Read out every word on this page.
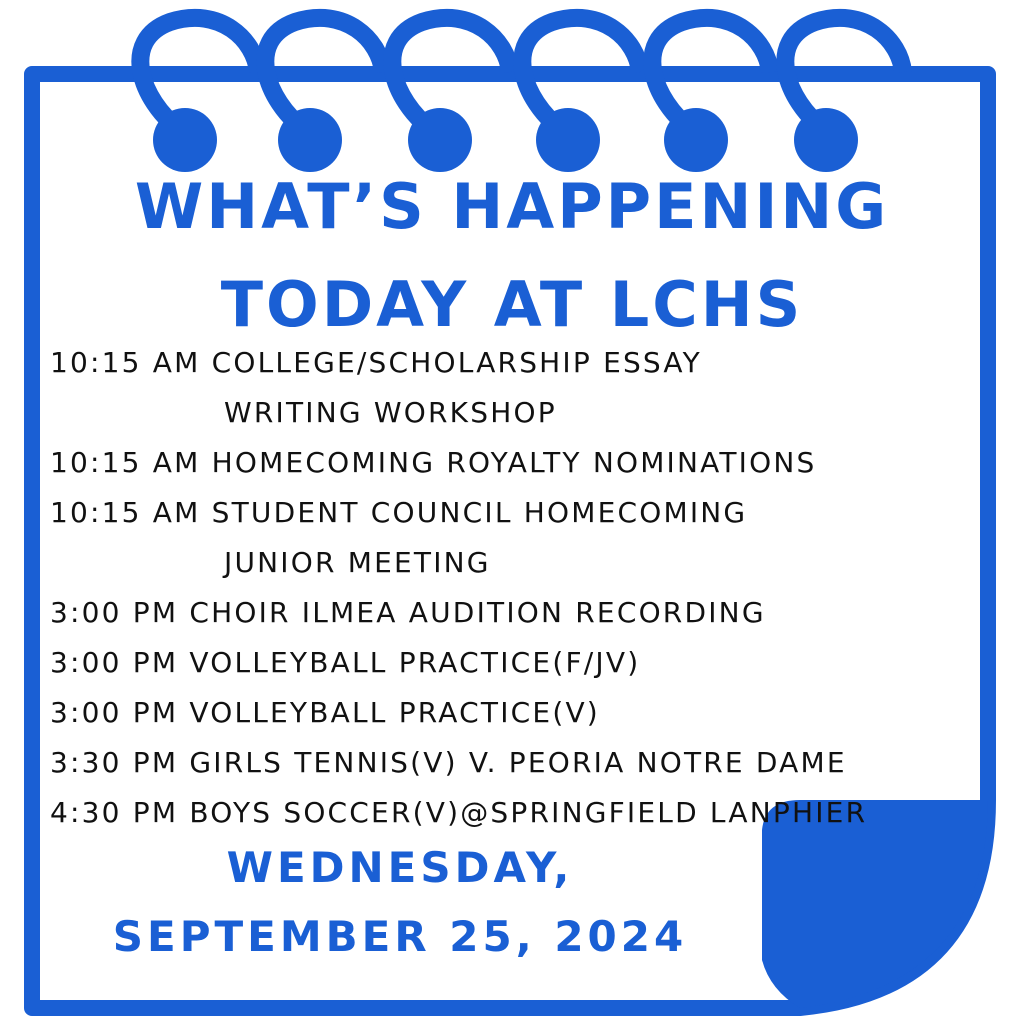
WHAT’S HAPPENING
TODAY AT LCHS
10:15 AM COLLEGE/SCHOLARSHIP ESSAY
WRITING WORKSHOP
10:15 AM HOMECOMING ROYALTY NOMINATIONS
10:15 AM STUDENT COUNCIL HOMECOMING
JUNIOR MEETING
3:00 PM CHOIR ILMEA AUDITION RECORDING
3:00 PM VOLLEYBALL PRACTICE(F/JV)
3:00 PM VOLLEYBALL PRACTICE(V)
3:30 PM GIRLS TENNIS(V) V. PEORIA NOTRE DAME
4:30 PM BOYS SOCCER(V)@SPRINGFIELD LANPHIER
WEDNESDAY,
SEPTEMBER 25, 2024
